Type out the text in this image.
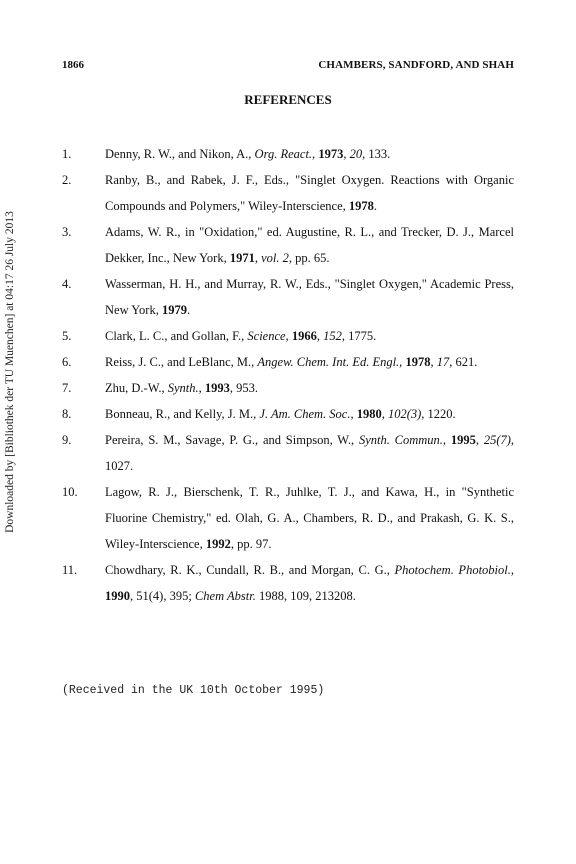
1866	CHAMBERS, SANDFORD, AND SHAH
REFERENCES
Downloaded by [Bibliothek der TU Muenchen] at 04:17 26 July 2013
1.	Denny, R. W., and Nikon, A., Org. React., 1973, 20, 133.
2.	Ranby, B., and Rabek, J. F., Eds., "Singlet Oxygen. Reactions with Organic Compounds and Polymers," Wiley-Interscience, 1978.
3.	Adams, W. R., in "Oxidation," ed. Augustine, R. L., and Trecker, D. J., Marcel Dekker, Inc., New York, 1971, vol. 2, pp. 65.
4.	Wasserman, H. H., and Murray, R. W., Eds., "Singlet Oxygen," Academic Press, New York, 1979.
5.	Clark, L. C., and Gollan, F., Science, 1966, 152, 1775.
6.	Reiss, J. C., and LeBlanc, M., Angew. Chem. Int. Ed. Engl., 1978, 17, 621.
7.	Zhu, D.-W., Synth., 1993, 953.
8.	Bonneau, R., and Kelly, J. M., J. Am. Chem. Soc., 1980, 102(3), 1220.
9.	Pereira, S. M., Savage, P. G., and Simpson, W., Synth. Commun., 1995, 25(7), 1027.
10.	Lagow, R. J., Bierschenk, T. R., Juhlke, T. J., and Kawa, H., in "Synthetic Fluorine Chemistry," ed. Olah, G. A., Chambers, R. D., and Prakash, G. K. S., Wiley-Interscience, 1992, pp. 97.
11.	Chowdhary, R. K., Cundall, R. B., and Morgan, C. G., Photochem. Photobiol., 1990, 51(4), 395; Chem Abstr. 1988, 109, 213208.
(Received in the UK 10th October 1995)
